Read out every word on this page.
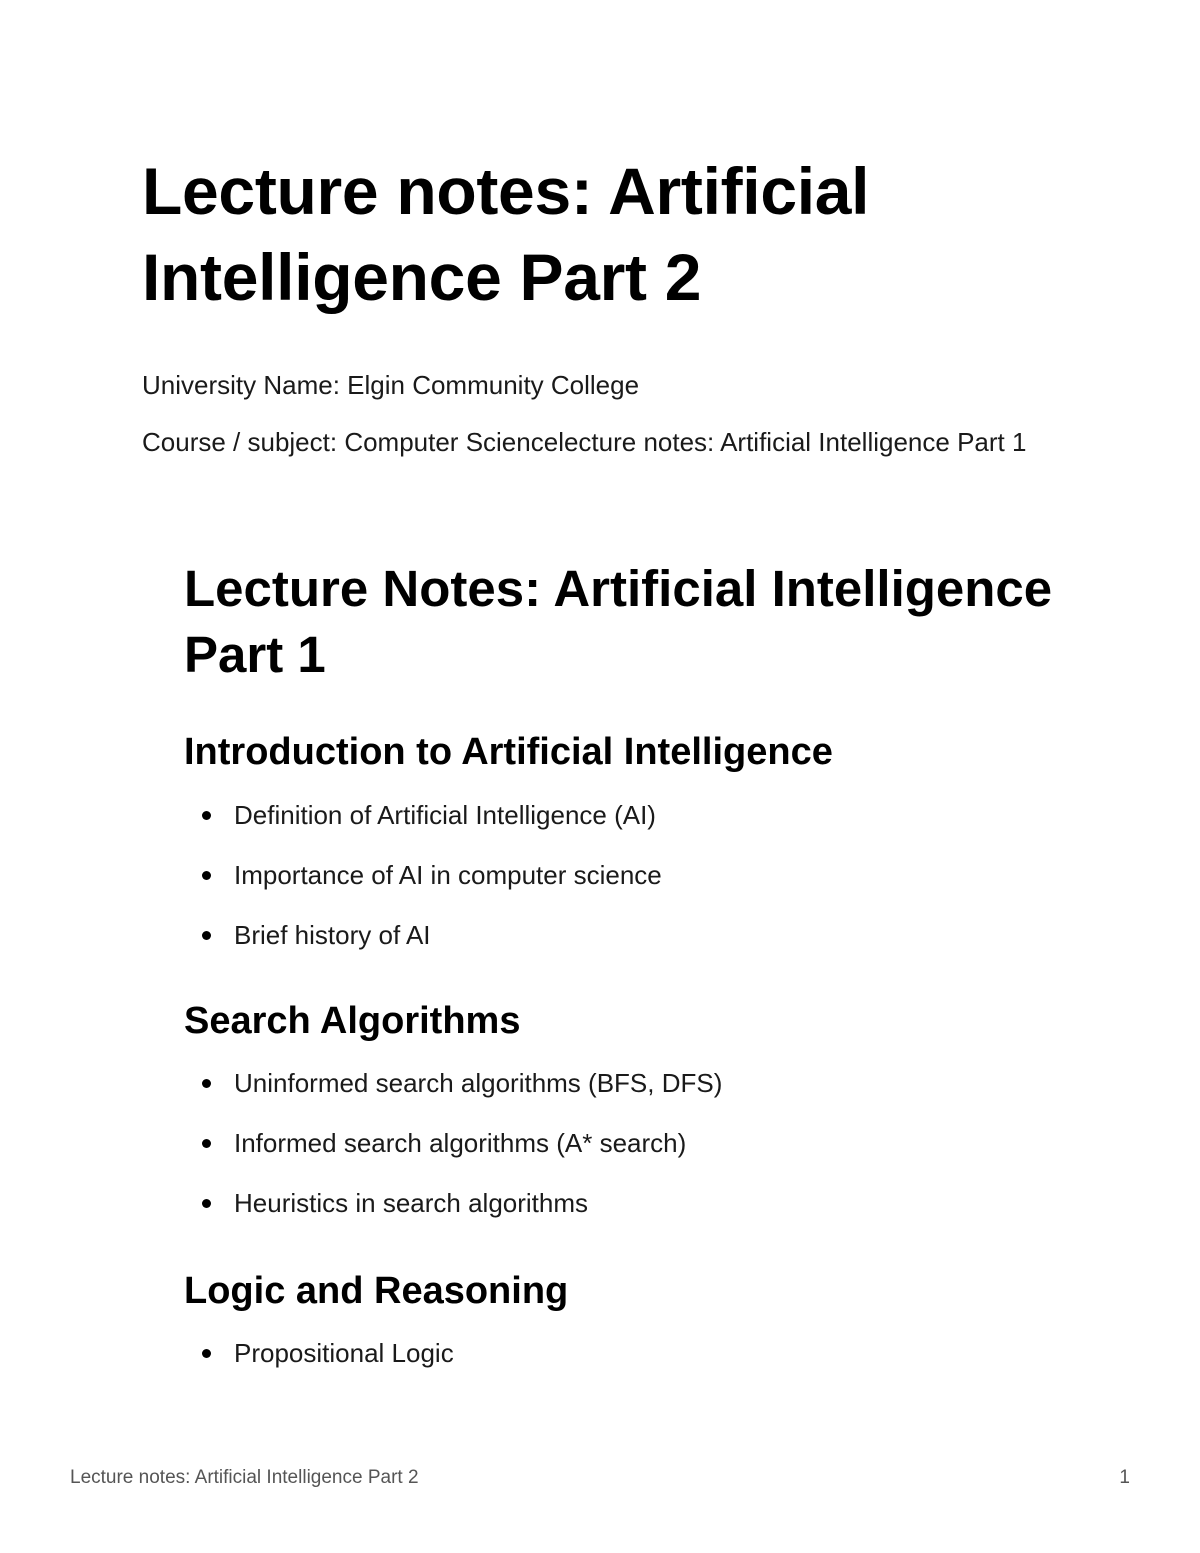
Lecture notes: Artificial Intelligence Part 2

University Name: Elgin Community College

Course / subject: Computer Sciencelecture notes: Artificial Intelligence Part 1

Lecture Notes: Artificial Intelligence Part 1
Introduction to Artificial Intelligence
Definition of Artificial Intelligence (AI)
Importance of AI in computer science
Brief history of AI
Search Algorithms
Uninformed search algorithms (BFS, DFS)
Informed search algorithms (A* search)
Heuristics in search algorithms
Logic and Reasoning
Propositional Logic
Lecture notes: Artificial Intelligence Part 2	1
